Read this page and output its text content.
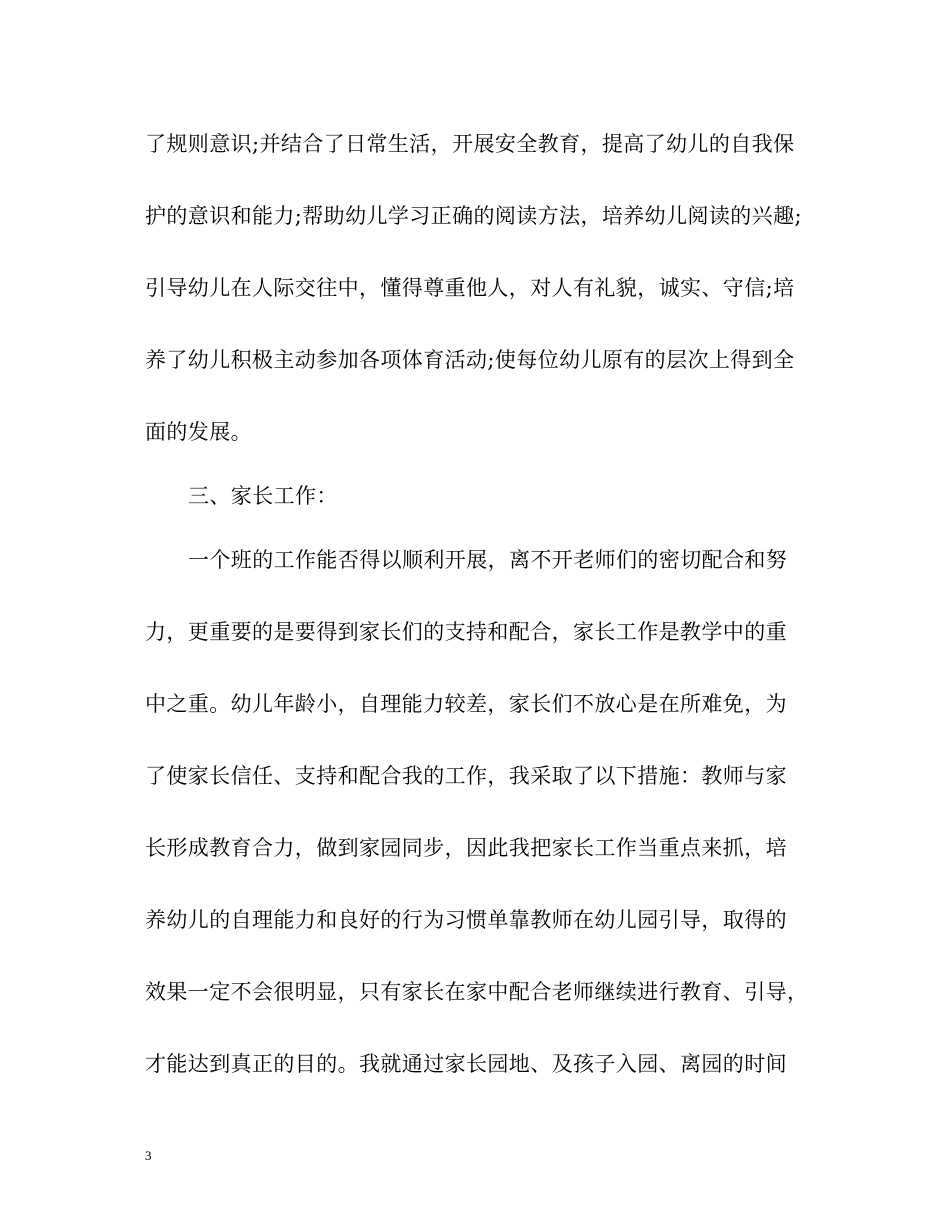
了规则意识;并结合了日常生活，开展安全教育，提高了幼儿的自我保
护的意识和能力;帮助幼儿学习正确的阅读方法，培养幼儿阅读的兴趣;
引导幼儿在人际交往中，懂得尊重他人，对人有礼貌，诚实、守信;培
养了幼儿积极主动参加各项体育活动;使每位幼儿原有的层次上得到全
面的发展。
三、家长工作：
一个班的工作能否得以顺利开展，离不开老师们的密切配合和努
力，更重要的是要得到家长们的支持和配合，家长工作是教学中的重
中之重。幼儿年龄小，自理能力较差，家长们不放心是在所难免，为
了使家长信任、支持和配合我的工作，我采取了以下措施：教师与家
长形成教育合力，做到家园同步，因此我把家长工作当重点来抓，培
养幼儿的自理能力和良好的行为习惯单靠教师在幼儿园引导，取得的
效果一定不会很明显，只有家长在家中配合老师继续进行教育、引导，
才能达到真正的目的。我就通过家长园地、及孩子入园、离园的时间
3
